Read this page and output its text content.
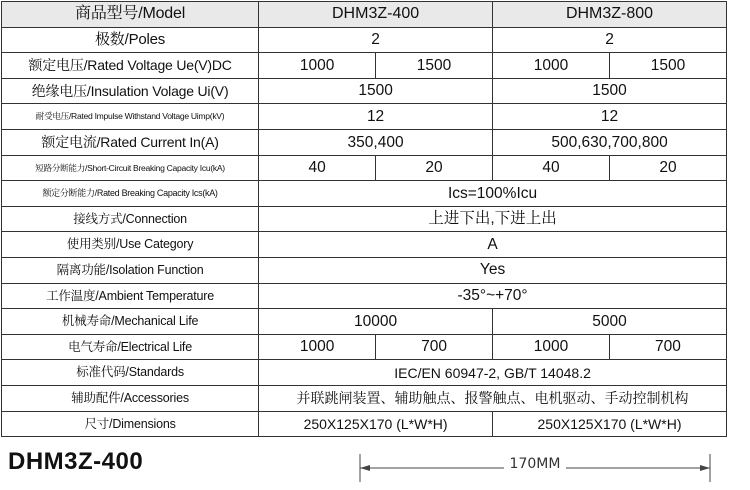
商品型号/Model	DHM3Z-400		DHM3Z-800	
极数/Poles	2		2	
额定电压/Rated Voltage Ue(V)DC	1000	1500	1000	1500
绝缘电压/Insulation Volage Ui(V)	1500		1500	
耐受电压/Rated Impulse Withstand Voltage Uimp(kV)	12		12	
额定电流/Rated Current In(A)	350,400		500,630,700,800	
短路分断能力/Short-Circuit Breaking Capacity Icu(kA)	40	20	40	20
额定分断能力/Rated Breaking Capacity Ics(kA)	Ics=100%Icu			
接线方式/Connection	上进下出,下进上出			
使用类别/Use Category	A			
隔离功能/Isolation Function	Yes			
工作温度/Ambient Temperature	-35°~+70°			
机械寿命/Mechanical Life	10000		5000	
电气寿命/Electrical Life	1000	700	1000	700
标准代码/Standards	IEC/EN 60947-2, GB/T 14048.2			
辅助配件/Accessories	并联跳闸装置、辅助触点、报警触点、电机驱动、手动控制机构			
尺寸/Dimensions	250X125X170 (L*W*H)		250X125X170 (L*W*H)	
DHM3Z-400	170MM
